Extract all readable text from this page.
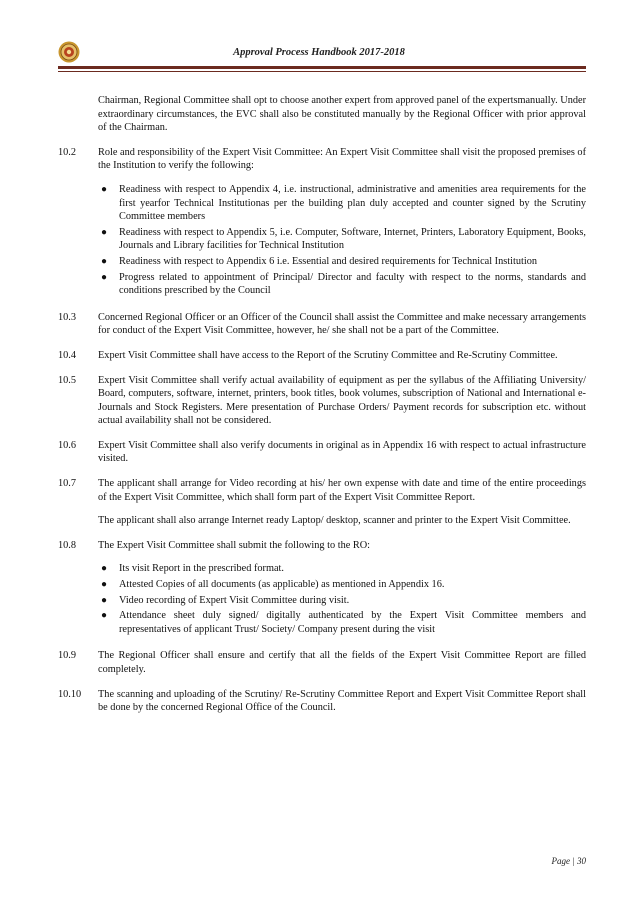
Approval Process Handbook 2017-2018
Chairman, Regional Committee shall opt to choose another expert from approved panel of the expertsmanually. Under extraordinary circumstances, the EVC shall also be constituted manually by the Regional Officer with prior approval of the Chairman.
10.2	Role and responsibility of the Expert Visit Committee: An Expert Visit Committee shall visit the proposed premises of the Institution to verify the following:

● Readiness with respect to Appendix 4, i.e. instructional, administrative and amenities area requirements for the first yearfor Technical Institutionas per the building plan duly accepted and counter signed by the Scrutiny Committee members
● Readiness with respect to Appendix 5, i.e. Computer, Software, Internet, Printers, Laboratory Equipment, Books, Journals and Library facilities for Technical Institution
● Readiness with respect to Appendix 6 i.e. Essential and desired requirements for Technical Institution
● Progress related to appointment of Principal/ Director and faculty with respect to the norms, standards and conditions prescribed by the Council
10.3	Concerned Regional Officer or an Officer of the Council shall assist the Committee and make necessary arrangements for conduct of the Expert Visit Committee, however, he/ she shall not be a part of the Committee.
10.4	Expert Visit Committee shall have access to the Report of the Scrutiny Committee and Re-Scrutiny Committee.
10.5	Expert Visit Committee shall verify actual availability of equipment as per the syllabus of the Affiliating University/ Board, computers, software, internet, printers, book titles, book volumes, subscription of National and International e-Journals and Stock Registers. Mere presentation of Purchase Orders/ Payment records for subscription etc. without actual availability shall not be considered.
10.6	Expert Visit Committee shall also verify documents in original as in Appendix 16 with respect to actual infrastructure visited.
10.7	The applicant shall arrange for Video recording at his/ her own expense with date and time of the entire proceedings of the Expert Visit Committee, which shall form part of the Expert Visit Committee Report.

The applicant shall also arrange Internet ready Laptop/ desktop, scanner and printer to the Expert Visit Committee.

10.8	The Expert Visit Committee shall submit the following to the RO:

● Its visit Report in the prescribed format.
● Attested Copies of all documents (as applicable) as mentioned in Appendix 16.
● Video recording of Expert Visit Committee during visit.
● Attendance sheet duly signed/ digitally authenticated by the Expert Visit Committee members and representatives of applicant Trust/ Society/ Company present during the visit
10.9	The Regional Officer shall ensure and certify that all the fields of the Expert Visit Committee Report are filled completely.
10.10	The scanning and uploading of the Scrutiny/ Re-Scrutiny Committee Report and Expert Visit Committee Report shall be done by the concerned Regional Office of the Council.
Page | 30
